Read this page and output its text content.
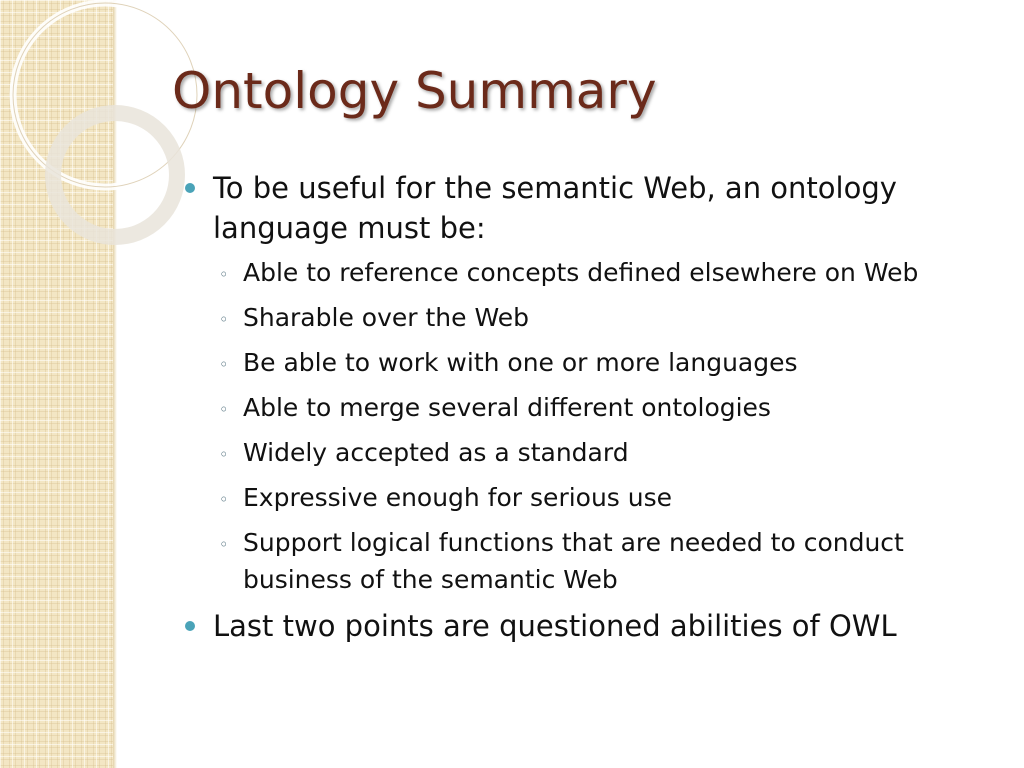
Ontology Summary
To be useful for the semantic Web, an ontology language must be:
◦ Able to reference concepts defined elsewhere on Web
◦ Sharable over the Web
◦ Be able to work with one or more languages
◦ Able to merge several different ontologies
◦ Widely accepted as a standard
◦ Expressive enough for serious use
◦ Support logical functions that are needed to conduct business of the semantic Web
Last two points are questioned abilities of OWL
